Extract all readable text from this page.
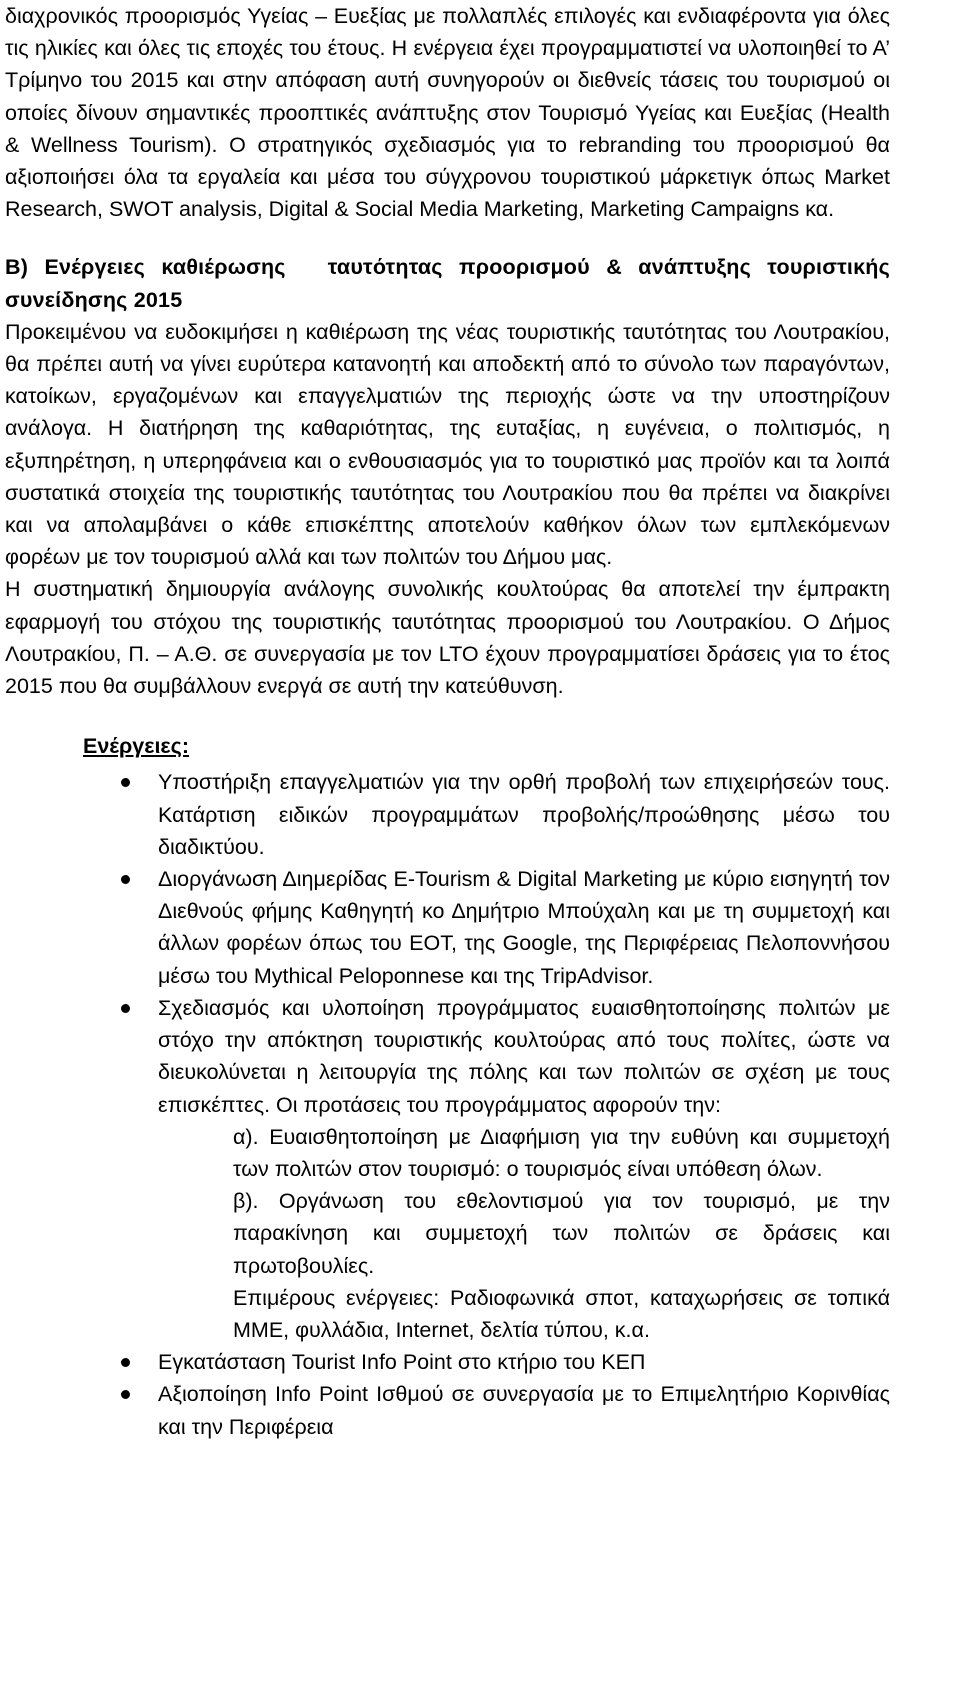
διαχρονικός προορισμός Υγείας – Ευεξίας με πολλαπλές επιλογές και ενδιαφέροντα για όλες τις ηλικίες και όλες τις εποχές του έτους. Η ενέργεια έχει προγραμματιστεί να υλοποιηθεί το Α’ Τρίμηνο του 2015 και στην απόφαση αυτή συνηγορούν οι διεθνείς τάσεις του τουρισμού οι οποίες δίνουν σημαντικές προοπτικές ανάπτυξης στον Τουρισμό Υγείας και Ευεξίας (Health & Wellness Tourism). Ο στρατηγικός σχεδιασμός για το rebranding του προορισμού θα αξιοποιήσει όλα τα εργαλεία και μέσα του σύγχρονου τουριστικού μάρκετιγκ όπως Market Research, SWOT analysis, Digital & Social Media Marketing, Marketing Campaigns κα.

Β) Ενέργειες καθιέρωσης ταυτότητας προορισμού & ανάπτυξης τουριστικής συνείδησης 2015

Προκειμένου να ευδοκιμήσει η καθιέρωση της νέας τουριστικής ταυτότητας του Λουτρακίου, θα πρέπει αυτή να γίνει ευρύτερα κατανοητή και αποδεκτή από το σύνολο των παραγόντων, κατοίκων, εργαζομένων και επαγγελματιών της περιοχής ώστε να την υποστηρίζουν ανάλογα. Η διατήρηση της καθαριότητας, της ευταξίας, η ευγένεια, ο πολιτισμός, η εξυπηρέτηση, η υπερηφάνεια και ο ενθουσιασμός για το τουριστικό μας προϊόν και τα λοιπά συστατικά στοιχεία της τουριστικής ταυτότητας του Λουτρακίου που θα πρέπει να διακρίνει και να απολαμβάνει ο κάθε επισκέπτης αποτελούν καθήκον όλων των εμπλεκόμενων φορέων με τον τουρισμού αλλά και των πολιτών του Δήμου μας.

Η συστηματική δημιουργία ανάλογης συνολικής κουλτούρας θα αποτελεί την έμπρακτη εφαρμογή του στόχου της τουριστικής ταυτότητας προορισμού του Λουτρακίου. Ο Δήμος Λουτρακίου, Π. – Α.Θ. σε συνεργασία με τον LTO έχουν προγραμματίσει δράσεις για το έτος 2015 που θα συμβάλλουν ενεργά σε αυτή την κατεύθυνση.

Ενέργειες:
Υποστήριξη επαγγελματιών για την ορθή προβολή των επιχειρήσεών τους. Κατάρτιση ειδικών προγραμμάτων προβολής/προώθησης μέσω του διαδικτύου.
Διοργάνωση Διημερίδας E-Tourism & Digital Marketing με κύριο εισηγητή τον Διεθνούς φήμης Καθηγητή κο Δημήτριο Μπούχαλη και με τη συμμετοχή και άλλων φορέων όπως του ΕΟΤ, της Google, της Περιφέρειας Πελοποννήσου μέσω του Mythical Peloponnese και της TripAdvisor.
Σχεδιασμός και υλοποίηση προγράμματος ευαισθητοποίησης πολιτών με στόχο την απόκτηση τουριστικής κουλτούρας από τους πολίτες, ώστε να διευκολύνεται η λειτουργία της πόλης και των πολιτών σε σχέση με τους επισκέπτες. Οι προτάσεις του προγράμματος αφορούν την:
α). Ευαισθητοποίηση με Διαφήμιση για την ευθύνη και συμμετοχή των πολιτών στον τουρισμό: ο τουρισμός είναι υπόθεση όλων.
β). Οργάνωση του εθελοντισμού για τον τουρισμό, με την παρακίνηση και συμμετοχή των πολιτών σε δράσεις και πρωτοβουλίες.
Επιμέρους ενέργειες: Ραδιοφωνικά σποτ, καταχωρήσεις σε τοπικά ΜΜΕ, φυλλάδια, Internet, δελτία τύπου, κ.α.
Εγκατάσταση Tourist Info Point στο κτήριο του ΚΕΠ
Αξιοποίηση Info Point Ισθμού σε συνεργασία με το Επιμελητήριο Κορινθίας και την Περιφέρεια
